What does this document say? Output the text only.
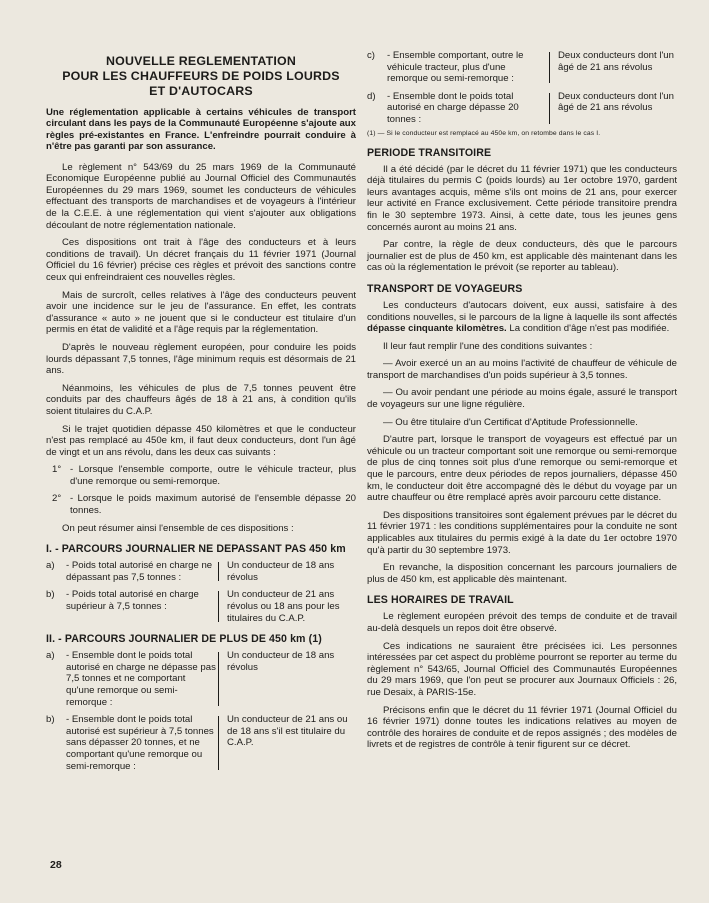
NOUVELLE REGLEMENTATION
POUR LES CHAUFFEURS DE POIDS LOURDS
ET D'AUTOCARS

Une réglementation applicable à certains véhicules de transport circulant dans les pays de la Communauté Européenne s'ajoute aux règles pré-existantes en France. L'enfreindre pourrait conduire à n'être pas garanti par son assurance.

Le règlement n° 543/69 du 25 mars 1969 de la Communauté Economique Européenne publié au Journal Officiel des Communautés Européennes du 29 mars 1969, soumet les conducteurs de véhicules effectuant des transports de marchandises et de voyageurs à l'intérieur de la C.E.E. à une réglementation qui vient s'ajouter aux obligations découlant de notre réglementation nationale.

Ces dispositions ont trait à l'âge des conducteurs et à leurs conditions de travail). Un décret français du 11 février 1971 (Journal Officiel du 16 février) précise ces règles et prévoit des sanctions contre ceux qui enfreindraient ces nouvelles règles.

Mais de surcroît, celles relatives à l'âge des conducteurs peuvent avoir une incidence sur le jeu de l'assurance. En effet, les contrats d'assurance « auto » ne jouent que si le conducteur est titulaire d'un permis en état de validité et a l'âge requis par la réglementation.

D'après le nouveau règlement européen, pour conduire les poids lourds dépassant 7,5 tonnes, l'âge minimum requis est désormais de 21 ans.

Néanmoins, les véhicules de plus de 7,5 tonnes peuvent être conduits par des chauffeurs âgés de 18 à 21 ans, à condition qu'ils soient titulaires du C.A.P.

Si le trajet quotidien dépasse 450 kilomètres et que le conducteur n'est pas remplacé au 450e km, il faut deux conducteurs, dont l'un âgé de vingt et un ans révolu, dans les deux cas suivants :

1° - Lorsque l'ensemble comporte, outre le véhicule tracteur, plus d'une remorque ou semi-remorque.
2° - Lorsque le poids maximum autorisé de l'ensemble dépasse 20 tonnes.

On peut résumer ainsi l'ensemble de ces dispositions :

I. - PARCOURS JOURNALIER NE DEPASSANT PAS 450 km
a)	- Poids total autorisé en charge ne dépassant pas 7,5 tonnes :
Un conducteur de 18 ans révolus
b)	- Poids total autorisé en charge supérieur à 7,5 tonnes :
Un conducteur de 21 ans révolus ou 18 ans pour les titulaires du C.A.P.
II. - PARCOURS JOURNALIER DE PLUS DE 450 km (1)
a)	- Ensemble dont le poids total autorisé en charge ne dépasse pas 7,5 tonnes et ne comportant qu'une remorque ou semi-remorque :
Un conducteur de 18 ans révolus
b)	- Ensemble dont le poids total autorisé est supérieur à 7,5 tonnes sans dépasser 20 tonnes, et ne comportant qu'une remorque ou semi-remorque :
Un conducteur de 21 ans ou de 18 ans s'il est titulaire du C.A.P.
c)	- Ensemble comportant, outre le véhicule tracteur, plus d'une remorque ou semi-remorque :
Deux conducteurs dont l'un âgé de 21 ans révolus
d)	- Ensemble dont le poids total autorisé en charge dépasse 20 tonnes :
Deux conducteurs dont l'un âgé de 21 ans révolus
(1) — Si le conducteur est remplacé au 450e km, on retombe dans le cas I.
PERIODE TRANSITOIRE

Il a été décidé (par le décret du 11 février 1971) que les conducteurs déjà titulaires du permis C (poids lourds) au 1er octobre 1970, gardent leurs avantages acquis, même s'ils ont moins de 21 ans, pour exercer leur activité en France exclusivement. Cette période transitoire prendra fin le 30 septembre 1973. Ainsi, à cette date, tous les jeunes gens concernés auront au moins 21 ans.

Par contre, la règle de deux conducteurs, dès que le parcours journalier est de plus de 450 km, est applicable dès maintenant dans les cas où la réglementation le prévoit (se reporter au tableau).

TRANSPORT DE VOYAGEURS

Les conducteurs d'autocars doivent, eux aussi, satisfaire à des conditions nouvelles, si le parcours de la ligne à laquelle ils sont affectés dépasse cinquante kilomètres. La condition d'âge n'est pas modifiée.

Il leur faut remplir l'une des conditions suivantes :

— Avoir exercé un an au moins l'activité de chauffeur de véhicule de transport de marchandises d'un poids supérieur à 3,5 tonnes.

— Ou avoir pendant une période au moins égale, assuré le transport de voyageurs sur une ligne régulière.

— Ou être titulaire d'un Certificat d'Aptitude Professionnelle.

D'autre part, lorsque le transport de voyageurs est effectué par un véhicule ou un tracteur comportant soit une remorque ou semi-remorque de plus de cinq tonnes soit plus d'une remorque ou semi-remorque et que le parcours, entre deux périodes de repos journaliers, dépasse 450 km, le conducteur doit être accompagné dès le début du voyage par un autre chauffeur ou être remplacé après avoir parcouru cette distance.

Des dispositions transitoires sont également prévues par le décret du 11 février 1971 : les conditions supplémentaires pour la conduite ne sont applicables aux titulaires du permis exigé à la date du 1er octobre 1970 qu'à partir du 30 septembre 1973.

En revanche, la disposition concernant les parcours journaliers de plus de 450 km, est applicable dès maintenant.

LES HORAIRES DE TRAVAIL

Le règlement européen prévoit des temps de conduite et de travail au-delà desquels un repos doit être observé.

Ces indications ne sauraient être précisées ici. Les personnes intéressées par cet aspect du problème pourront se reporter au terme du règlement n° 543/65, Journal Officiel des Communautés Européennes du 29 mars 1969, que l'on peut se procurer aux Journaux Officiels : 26, rue Desaix, à PARIS-15e.

Précisons enfin que le décret du 11 février 1971 (Journal Officiel du 16 février 1971) donne toutes les indications relatives au moyen de contrôle des horaires de conduite et de repos assignés ; des modèles de livrets et de registres de contrôle à tenir figurent sur ce décret.

28
